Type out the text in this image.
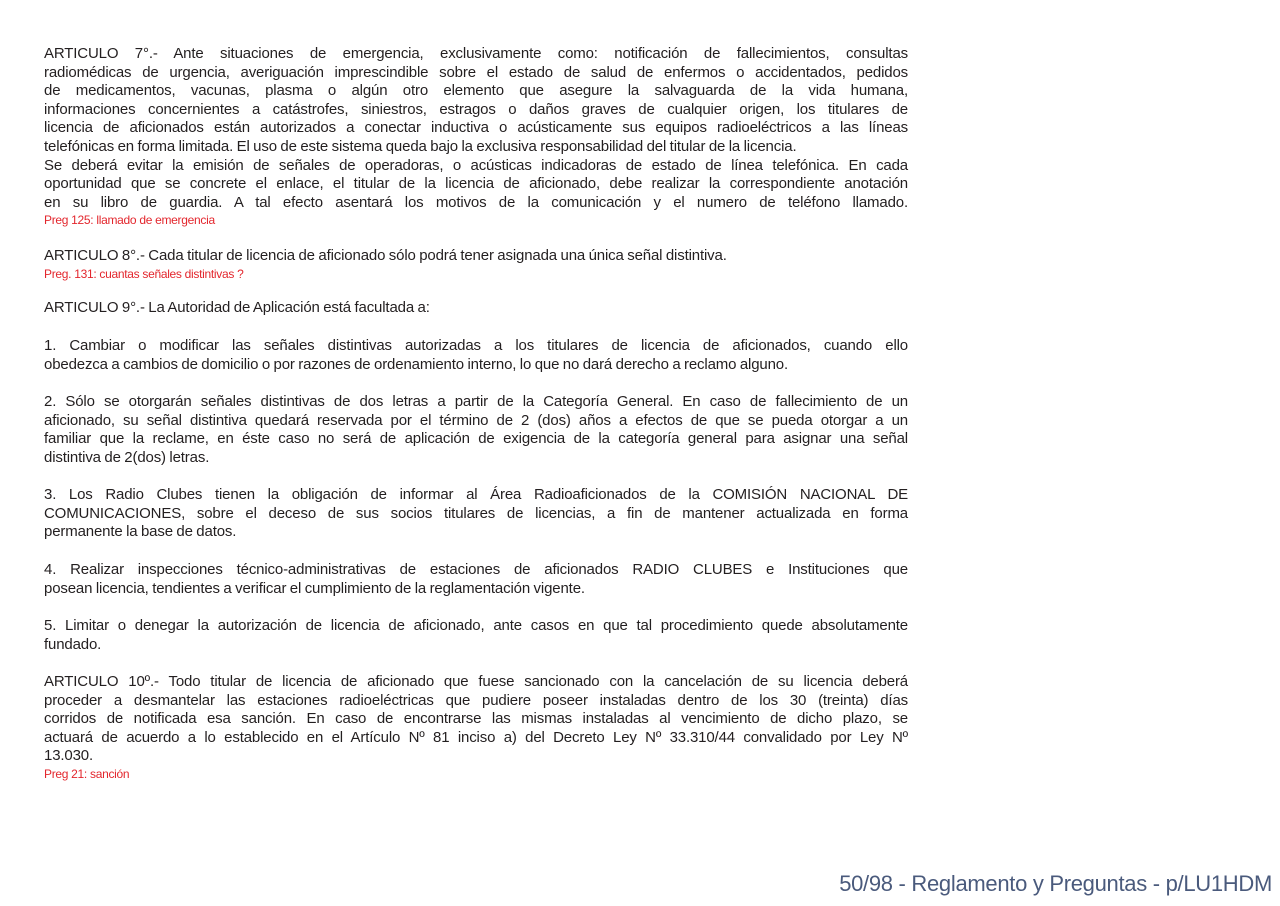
ARTICULO 7°.- Ante situaciones de emergencia, exclusivamente como: notificación de fallecimientos, consultas
radiomédicas de urgencia, averiguación imprescindible sobre el estado de salud de enfermos o accidentados, pedidos
de medicamentos, vacunas, plasma o algún otro elemento que asegure la salvaguarda de la vida humana,
informaciones concernientes a catástrofes, siniestros, estragos o daños graves de cualquier origen, los titulares de
licencia de aficionados están autorizados a conectar inductiva o acústicamente sus equipos radioeléctricos a las líneas
telefónicas en forma limitada. El uso de este sistema queda bajo la exclusiva responsabilidad del titular de la licencia.
Se deberá evitar la emisión de señales de operadoras, o acústicas indicadoras de estado de línea telefónica. En cada
oportunidad que se concrete el enlace, el titular de la licencia de aficionado, debe realizar la correspondiente anotación
en su libro de guardia. A tal efecto asentará los motivos de la comunicación y el numero de teléfono llamado.
Preg 125: llamado de emergencia
ARTICULO 8°.- Cada titular de licencia de aficionado sólo podrá tener asignada una única señal distintiva.
Preg. 131: cuantas señales distintivas ?
ARTICULO 9°.- La Autoridad de Aplicación está facultada a:
1. Cambiar o modificar las señales distintivas autorizadas a los titulares de licencia de aficionados, cuando ello
obedezca a cambios de domicilio o por razones de ordenamiento interno, lo que no dará derecho a reclamo alguno.
2. Sólo se otorgarán señales distintivas de dos letras a partir de la Categoría General. En caso de fallecimiento de un
aficionado, su señal distintiva quedará reservada por el término de 2 (dos) años a efectos de que se pueda otorgar a un
familiar que la reclame, en éste caso no será de aplicación de exigencia de la categoría general para asignar una señal
distintiva de 2(dos) letras.
3. Los Radio Clubes tienen la obligación de informar al Área Radioaficionados de la COMISIÓN NACIONAL DE
COMUNICACIONES, sobre el deceso de sus socios titulares de licencias, a fin de mantener actualizada en forma
permanente la base de datos.
4. Realizar inspecciones técnico-administrativas de estaciones de aficionados RADIO CLUBES e Instituciones que
posean licencia, tendientes a verificar el cumplimiento de la reglamentación vigente.
5. Limitar o denegar la autorización de licencia de aficionado, ante casos en que tal procedimiento quede absolutamente
fundado.
ARTICULO 10º.- Todo titular de licencia de aficionado que fuese sancionado con la cancelación de su licencia deberá
proceder a desmantelar las estaciones radioeléctricas que pudiere poseer instaladas dentro de los 30 (treinta) días
corridos de notificada esa sanción. En caso de encontrarse las mismas instaladas al vencimiento de dicho plazo, se
actuará de acuerdo a lo establecido en el Artículo Nº 81 inciso a) del Decreto Ley Nº 33.310/44 convalidado por Ley Nº
13.030.
Preg 21: sanción
50/98 - Reglamento y Preguntas - p/LU1HDM
